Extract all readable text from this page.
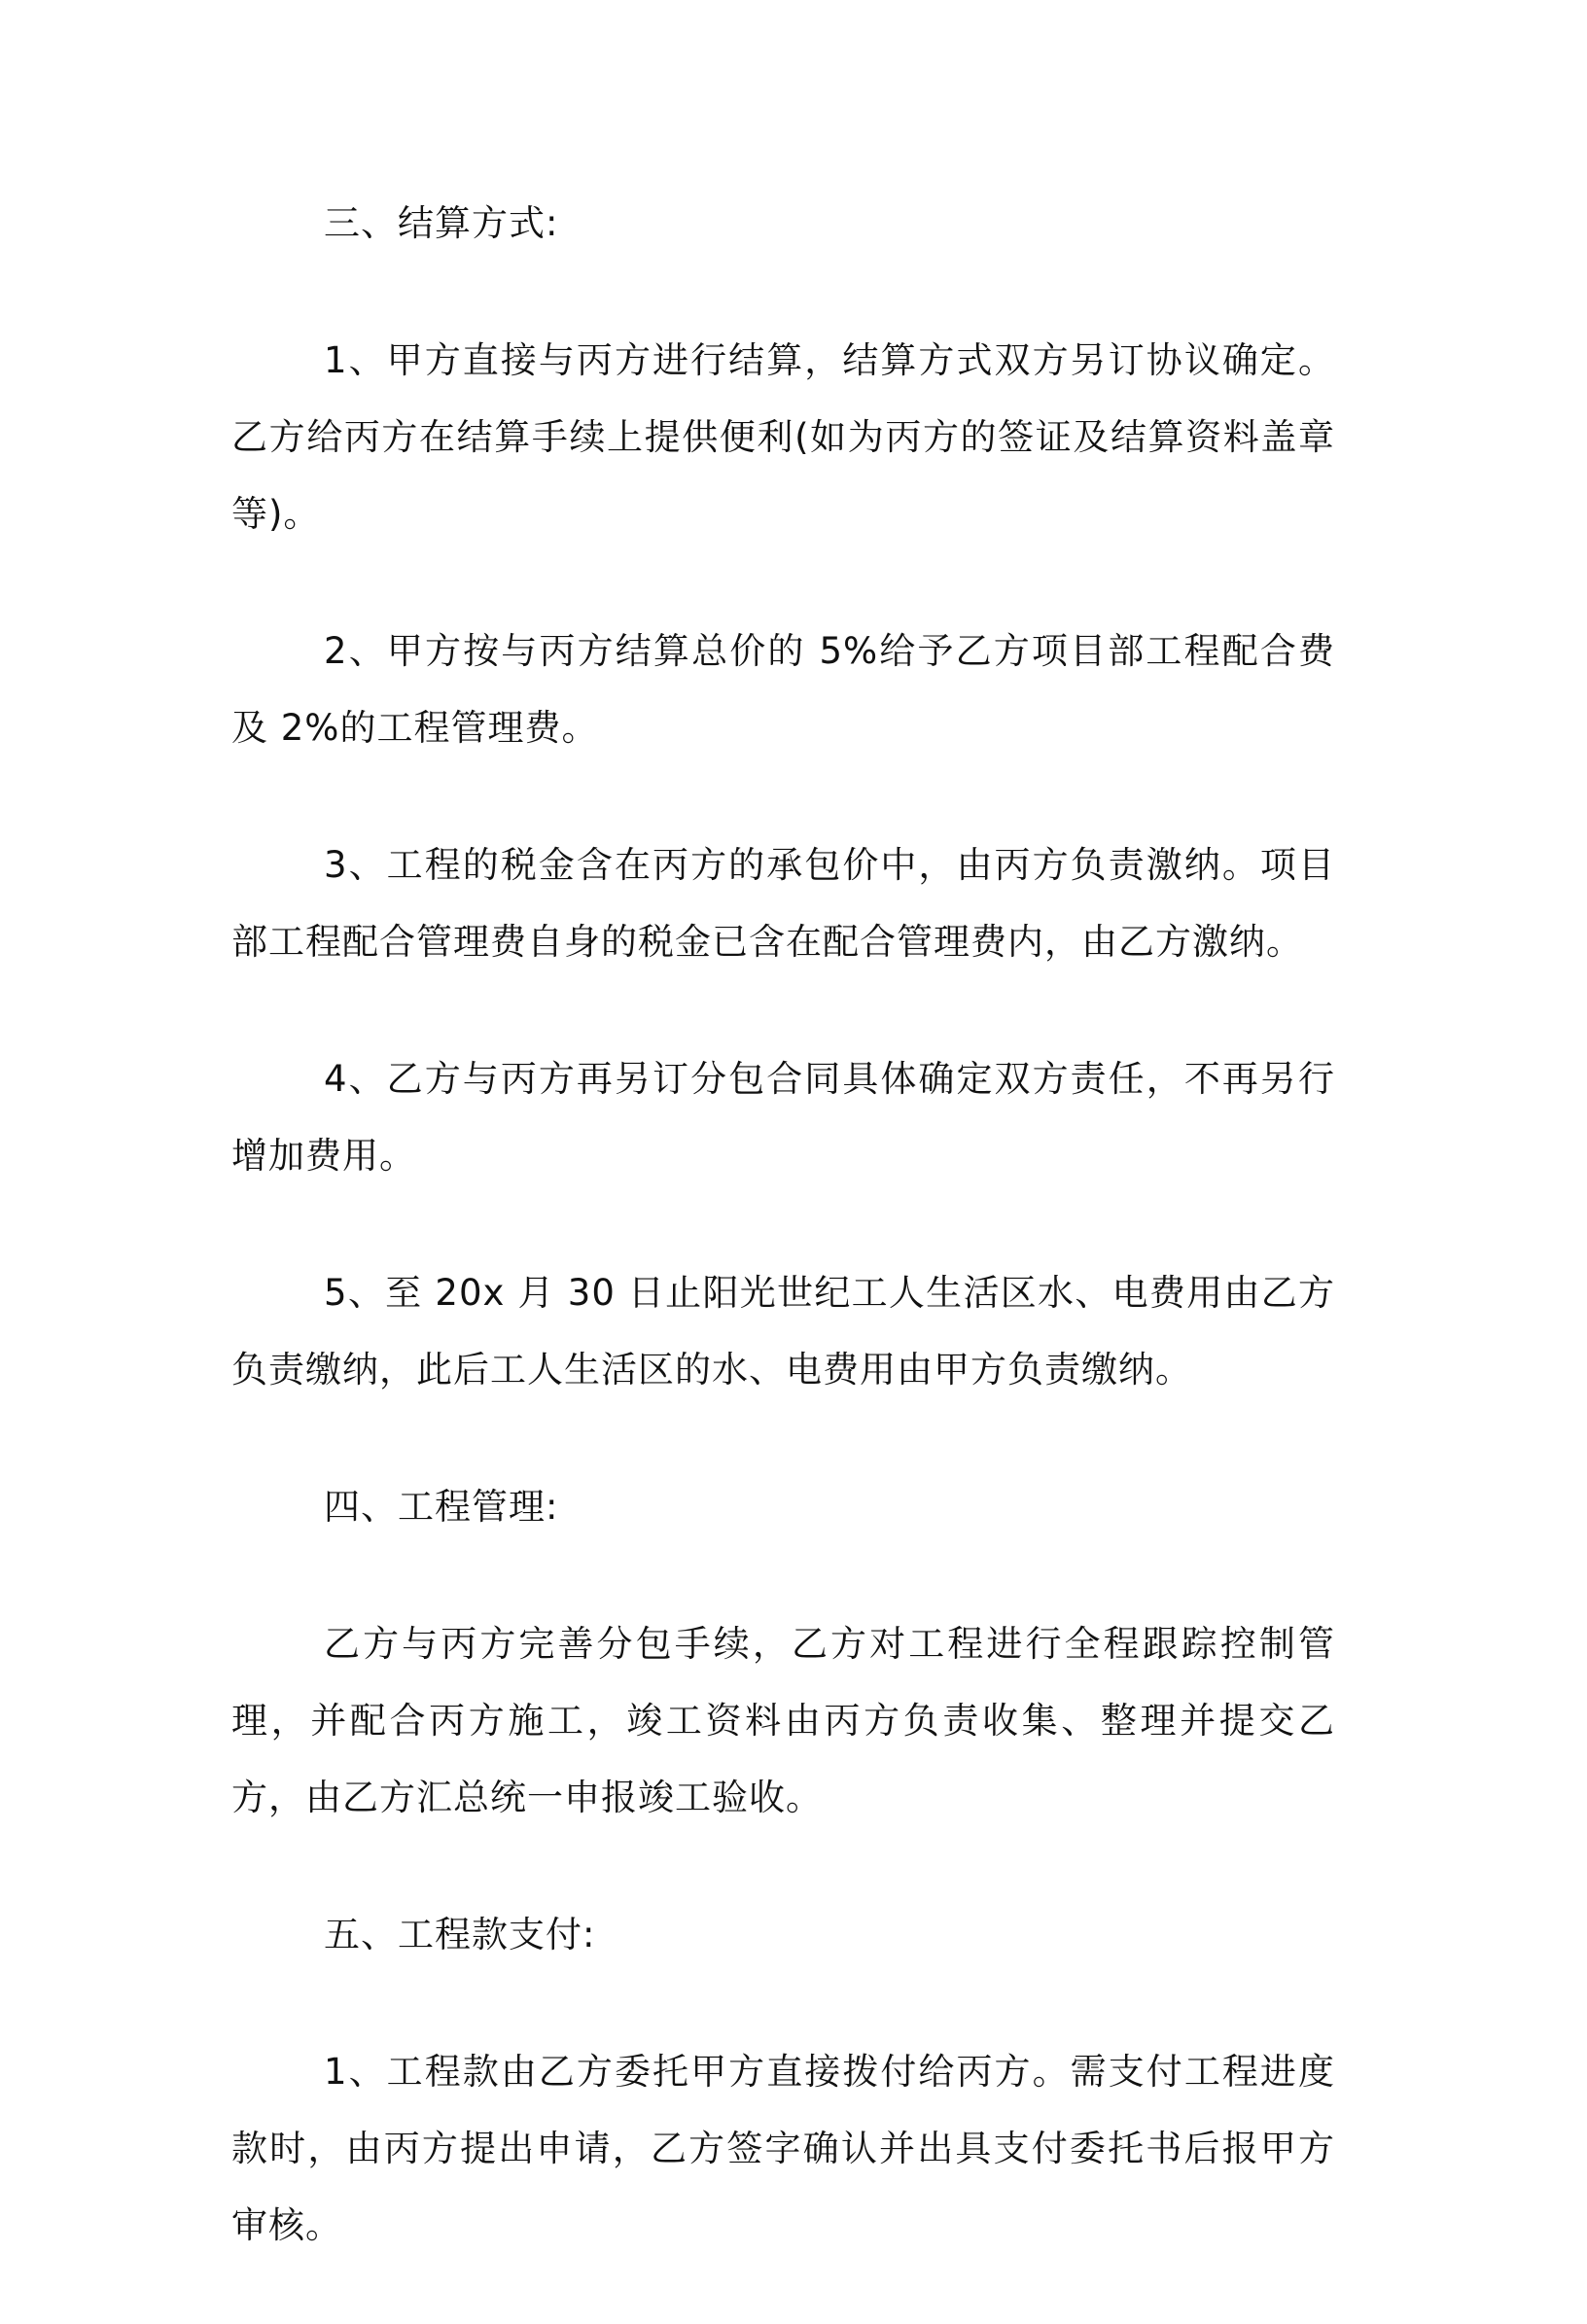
三、结算方式:

1、甲方直接与丙方进行结算，结算方式双方另订协议确定。乙方给丙方在结算手续上提供便利(如为丙方的签证及结算资料盖章等)。

2、甲方按与丙方结算总价的 5%给予乙方项目部工程配合费及 2%的工程管理费。

3、工程的税金含在丙方的承包价中，由丙方负责激纳。项目部工程配合管理费自身的税金已含在配合管理费内，由乙方激纳。

4、乙方与丙方再另订分包合同具体确定双方责任，不再另行增加费用。

5、至 20x 月 30 日止阳光世纪工人生活区水、电费用由乙方负责缴纳，此后工人生活区的水、电费用由甲方负责缴纳。

四、工程管理:

乙方与丙方完善分包手续，乙方对工程进行全程跟踪控制管理，并配合丙方施工，竣工资料由丙方负责收集、整理并提交乙方，由乙方汇总统一申报竣工验收。

五、工程款支付:

1、工程款由乙方委托甲方直接拨付给丙方。需支付工程进度款时，由丙方提出申请，乙方签字确认并出具支付委托书后报甲方审核。
